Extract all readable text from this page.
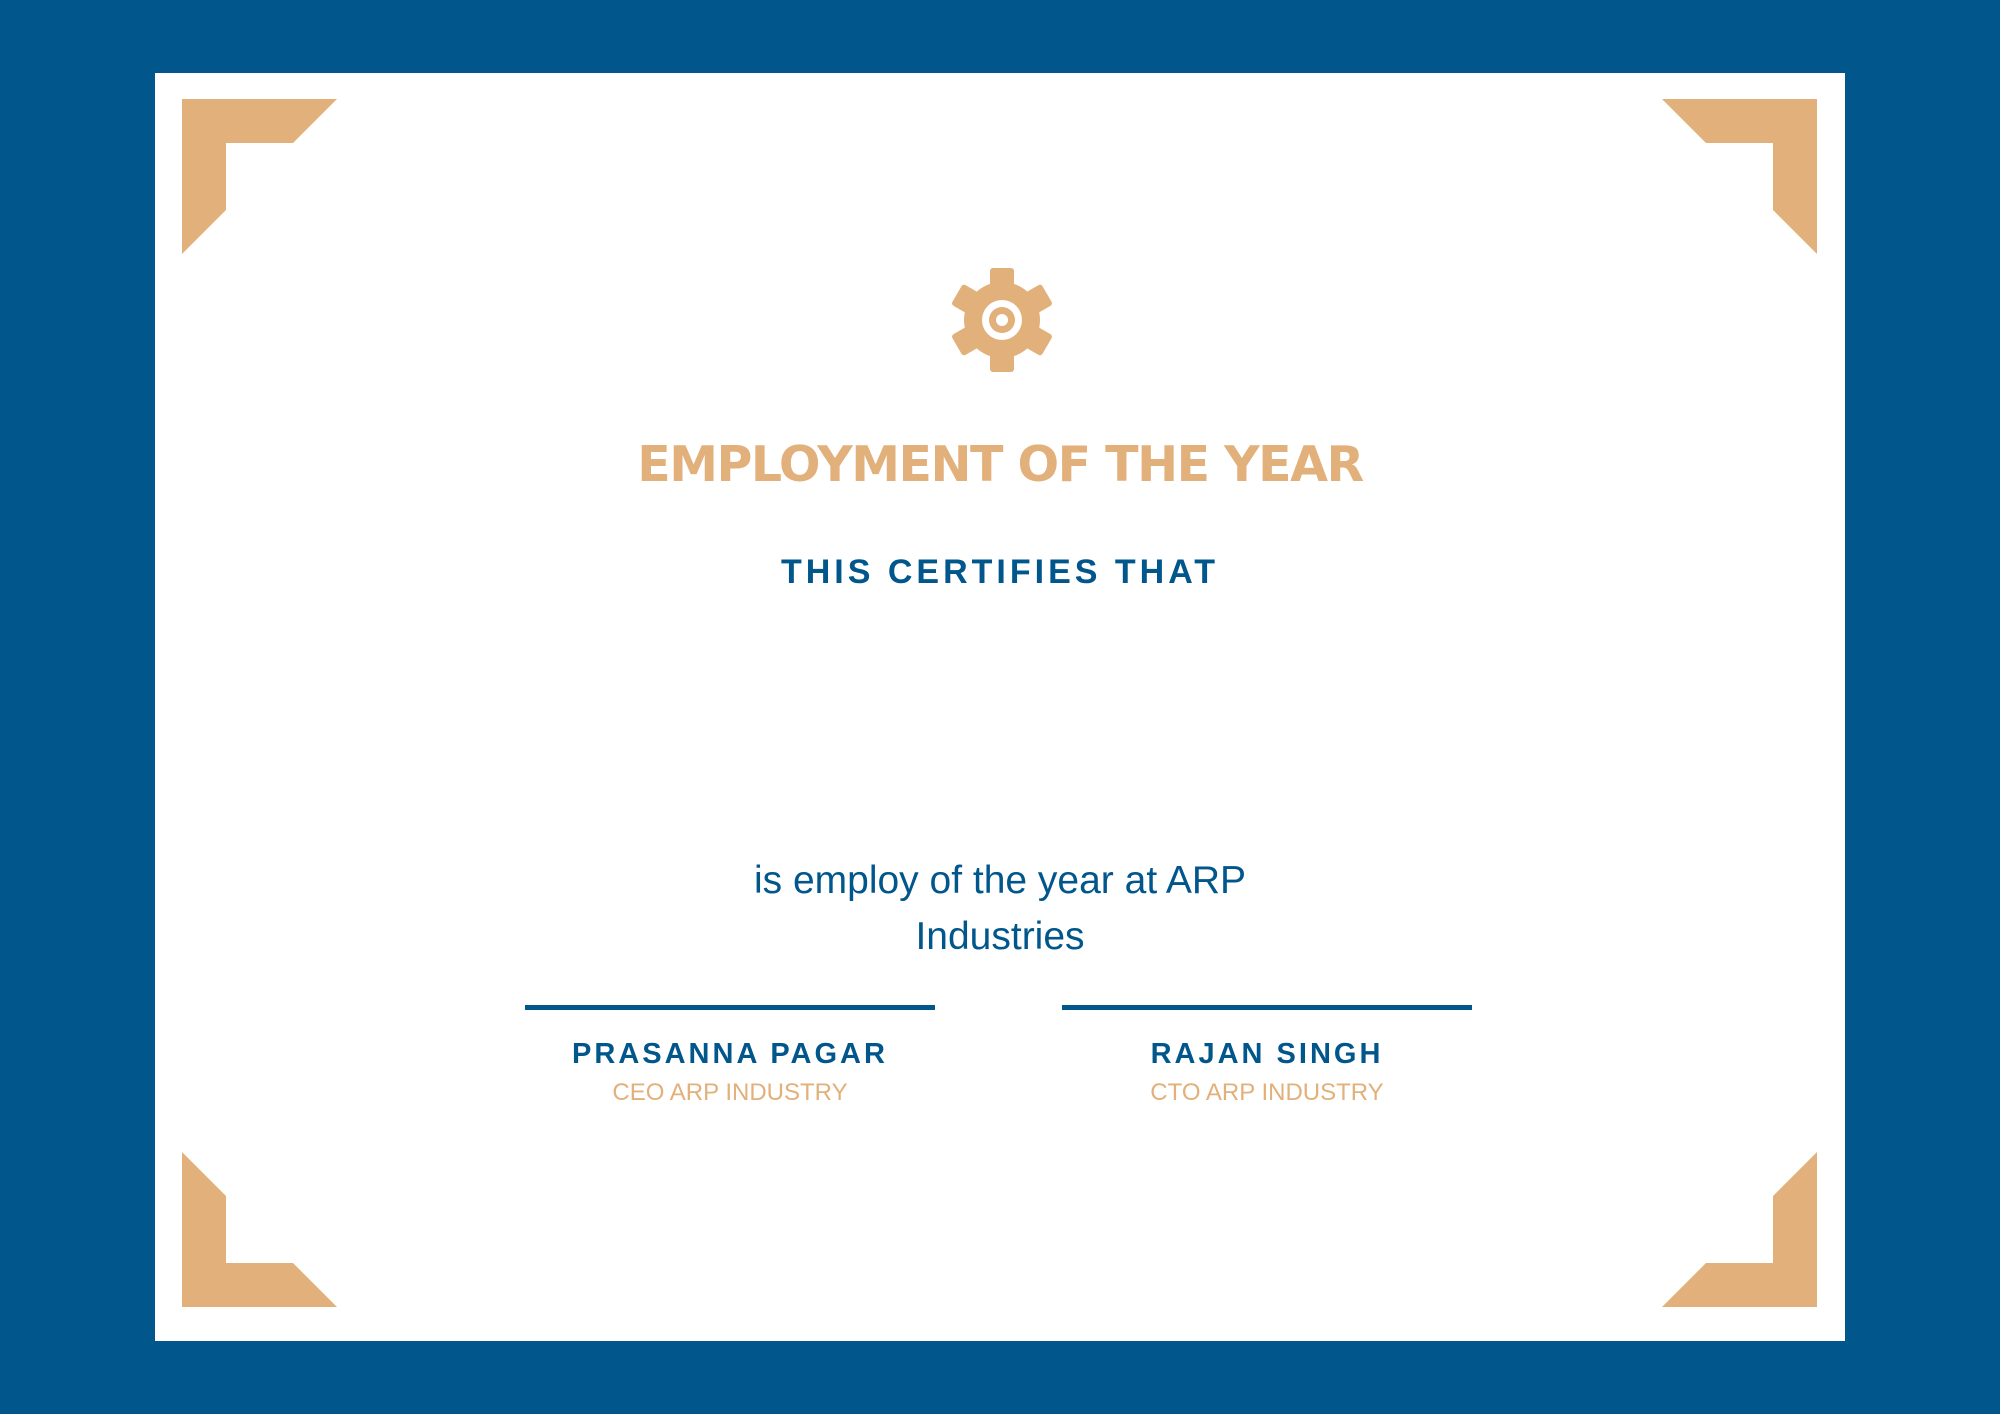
EMPLOYMENT OF THE YEAR
THIS CERTIFIES THAT
is employ of the year at ARP
Industries
PRASANNA PAGAR
CEO ARP INDUSTRY
RAJAN SINGH
CTO ARP INDUSTRY
